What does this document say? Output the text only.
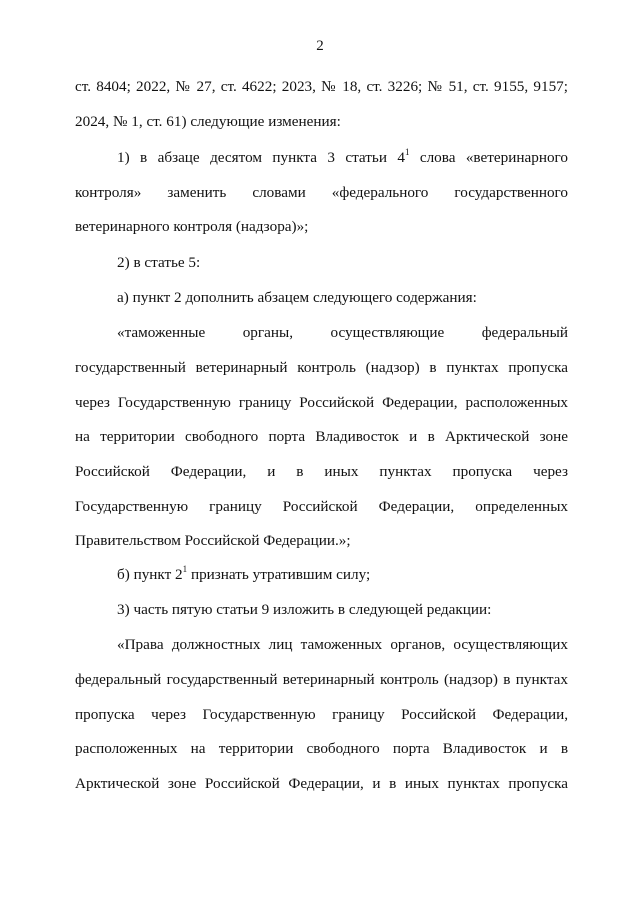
2
ст. 8404; 2022, № 27, ст. 4622; 2023, № 18, ст. 3226; № 51, ст. 9155, 9157;
2024, № 1, ст. 61) следующие изменения:
1) в абзаце десятом пункта 3 статьи $4^1$ слова «ветеринарного
контроля» заменить словами «федерального государственного
ветеринарного контроля (надзора)»;
2) в статье 5:
а) пункт 2 дополнить абзацем следующего содержания:
«таможенные органы, осуществляющие федеральный
государственный ветеринарный контроль (надзор) в пунктах пропуска
через Государственную границу Российской Федерации, расположенных
на территории свободного порта Владивосток и в Арктической зоне
Российской Федерации, и в иных пунктах пропуска через
Государственную границу Российской Федерации, определенных
Правительством Российской Федерации.»;
б) пункт $2^1$ признать утратившим силу;
3) часть пятую статьи 9 изложить в следующей редакции:
«Права должностных лиц таможенных органов, осуществляющих
федеральный государственный ветеринарный контроль (надзор) в пунктах
пропуска через Государственную границу Российской Федерации,
расположенных на территории свободного порта Владивосток и в
Арктической зоне Российской Федерации, и в иных пунктах пропуска
